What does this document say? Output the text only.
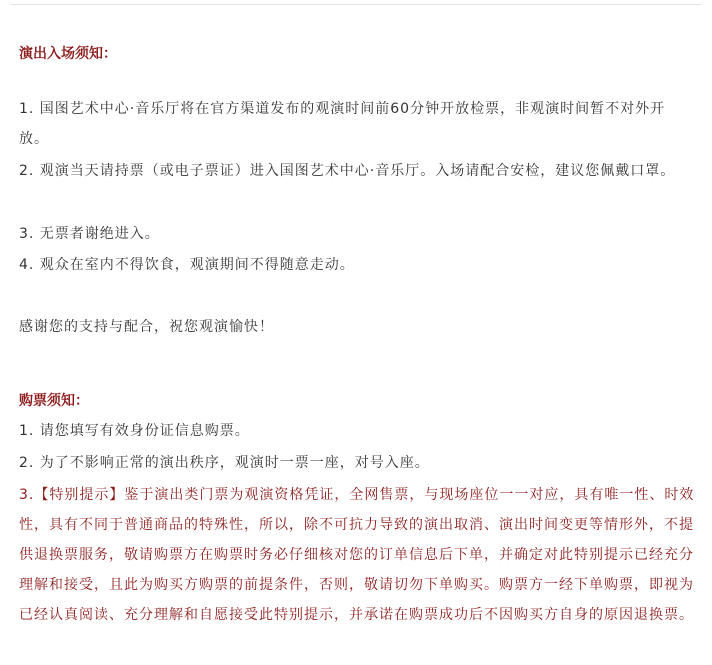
演出入场须知：
1. 国图艺术中心·音乐厅将在官方渠道发布的观演时间前60分钟开放检票，非观演时间暂不对外开放。
2. 观演当天请持票（或电子票证）进入国图艺术中心·音乐厅。入场请配合安检，建议您佩戴口罩。
3. 无票者谢绝进入。
4. 观众在室内不得饮食，观演期间不得随意走动。
感谢您的支持与配合，祝您观演愉快！
购票须知：
1. 请您填写有效身份证信息购票。
2. 为了不影响正常的演出秩序，观演时一票一座，对号入座。
3.【特别提示】鉴于演出类门票为观演资格凭证，全网售票，与现场座位一一对应，具有唯一性、时效性，具有不同于普通商品的特殊性，所以，除不可抗力导致的演出取消、演出时间变更等情形外，不提供退换票服务，敬请购票方在购票时务必仔细核对您的订单信息后下单，并确定对此特别提示已经充分理解和接受，且此为购买方购票的前提条件，否则，敬请切勿下单购买。购票方一经下单购票，即视为已经认真阅读、充分理解和自愿接受此特别提示，并承诺在购票成功后不因购买方自身的原因退换票。
